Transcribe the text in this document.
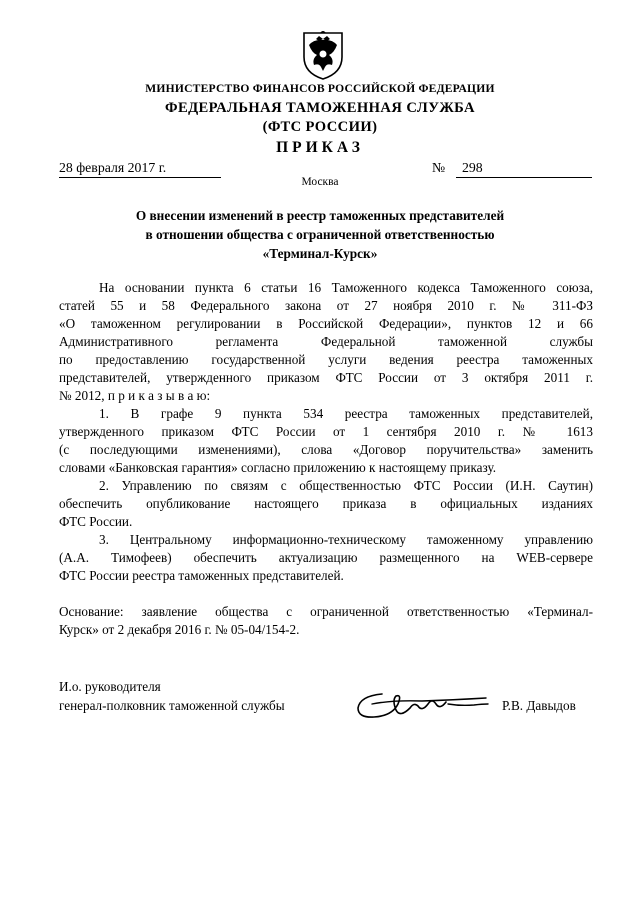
МИНИСТЕРСТВО ФИНАНСОВ РОССИЙСКОЙ ФЕДЕРАЦИИ
ФЕДЕРАЛЬНАЯ ТАМОЖЕННАЯ СЛУЖБА
(ФТС РОССИИ)
ПРИКАЗ
28 февраля 2017 г.	№ 298
Москва
О внесении изменений в реестр таможенных представителей
в отношении общества с ограниченной ответственностью
«Терминал-Курск»
На основании пункта 6 статьи 16 Таможенного кодекса Таможенного союза,
статей 55 и 58 Федерального закона от 27 ноября 2010 г. № 311-ФЗ
«О таможенном регулировании в Российской Федерации», пунктов 12 и 66
Административного регламента Федеральной таможенной службы
по предоставлению государственной услуги ведения реестра таможенных
представителей, утвержденного приказом ФТС России от 3 октября 2011 г.
№ 2012, п р и к а з ы в а ю:
1. В графе 9 пункта 534 реестра таможенных представителей,
утвержденного приказом ФТС России от 1 сентября 2010 г. № 1613
(с последующими изменениями), слова «Договор поручительства» заменить
словами «Банковская гарантия» согласно приложению к настоящему приказу.
2. Управлению по связям с общественностью ФТС России (И.Н. Саутин)
обеспечить опубликование настоящего приказа в официальных изданиях
ФТС России.
3. Центральному информационно-техническому таможенному управлению
(А.А. Тимофеев) обеспечить актуализацию размещенного на WEB-сервере
ФТС России реестра таможенных представителей.
Основание: заявление общества с ограниченной ответственностью «Терминал-
Курск» от 2 декабря 2016 г. № 05-04/154-2.
И.о. руководителя
генерал-полковник таможенной службы	Р.В. Давыдов
